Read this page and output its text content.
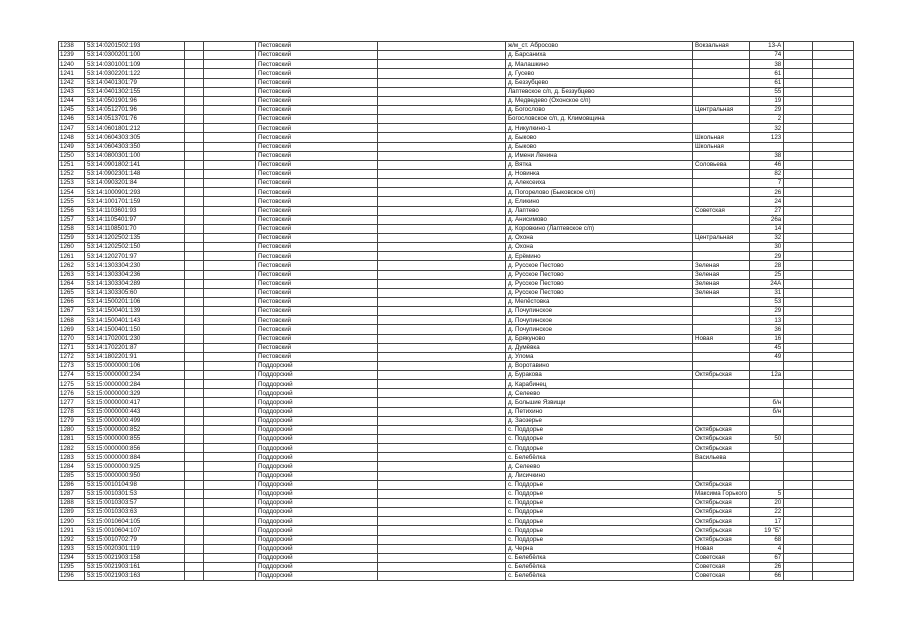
1238	53:14:0201502:193			Пестовский		ж/м_ст. Абросово	Вокзальная	13-А		
1239	53:14:0300201:100			Пестовский		д. Барсаниха		74		
1240	53:14:0301001:109			Пестовский		д. Малашкино		38		
1241	53:14:0302201:122			Пестовский		д. Гусево		61		
1242	53:14:0401301:79			Пестовский		д. Беззубцево		61		
1243	53:14:0401302:155			Пестовский		Лаптевское с/п, д. Беззубцево		55		
1244	53:14:0501901:96			Пестовский		д. Медведево (Охонское с/п)		19		
1245	53:14:0512701:96			Пестовский		д. Богослово	Центральная	29		
1246	53:14:0513701:76			Пестовский		Богословское с/п, д. Климовщина		2		
1247	53:14:0601801:212			Пестовский		д. Никулкино-1		32		
1248	53:14:0604303:305			Пестовский		д. Быково	Школьная	123		
1249	53:14:0604303:350			Пестовский		д. Быково	Школьная			
1250	53:14:0800301:100			Пестовский		д. Имени Ленина		38		
1251	53:14:0901802:141			Пестовский		д. Вятка	Соловьева	46		
1252	53:14:0902301:148			Пестовский		д. Новинка		82		
1253	53:14:0903201:84			Пестовский		д. Алексеиха		7		
1254	53:14:1000901:293			Пестовский		д. Погорелово (Быковское с/п)		26		
1255	53:14:1001701:159			Пестовский		д. Еликино		24		
1256	53:14:1103601:93			Пестовский		д. Лаптево	Советская	27		
1257	53:14:1105401:97			Пестовский		д. Анисимово		26а		
1258	53:14:1108501:70			Пестовский		д. Коровкино (Лаптевское с/п)		14		
1259	53:14:1202502:135			Пестовский		д. Охона	Центральная	32		
1260	53:14:1202502:150			Пестовский		д. Охона		30		
1261	53:14:1202701:97			Пестовский		д. Ерёмино		29		
1262	53:14:1303304:230			Пестовский		д. Русское Пестово	Зеленая	28		
1263	53:14:1303304:236			Пестовский		д. Русское Пестово	Зеленая	25		
1264	53:14:1303304:289			Пестовский		д. Русское Пестово	Зеленая	24А		
1265	53:14:1303305:60			Пестовский		д. Русское Пестово	Зеленая	31		
1266	53:14:1500201:106			Пестовский		д. Мелёстовка		53		
1267	53:14:1500401:139			Пестовский		д. Почупинское		29		
1268	53:14:1500401:143			Пестовский		д. Почупинское		13		
1269	53:14:1500401:150			Пестовский		д. Почупинское		36		
1270	53:14:1702001:230			Пестовский		д. Брякуново	Новая	16		
1271	53:14:1702201:87			Пестовский		д. Думёвка		45		
1272	53:14:1802201:91			Пестовский		д. Улома		49		
1273	53:15:0000000:106			Поддорский		д. Воротавино				
1274	53:15:0000000:234			Поддорский		д. Буракова	Октябрьская	12а		
1275	53:15:0000000:284			Поддорский		д. Карабинец				
1276	53:15:0000000:329			Поддорский		д. Селеево				
1277	53:15:0000000:417			Поддорский		д. Большие Язвищи		б/н		
1278	53:15:0000000:443			Поддорский		д. Петихино		б/н		
1279	53:15:0000000:499			Поддорский		д. Заозерье				
1280	53:15:0000000:852			Поддорский		с. Поддорье	Октябрьская			
1281	53:15:0000000:855			Поддорский		с. Поддорье	Октябрьская	50		
1282	53:15:0000000:856			Поддорский		с. Поддорье	Октябрьская			
1283	53:15:0000000:884			Поддорский		с. Белебёлка	Васильева			
1284	53:15:0000000:925			Поддорский		д. Селеево				
1285	53:15:0000000:950			Поддорский		д. Лисичкино				
1286	53:15:0010104:98			Поддорский		с. Поддорье	Октябрьская			
1287	53:15:0010301:53			Поддорский		с. Поддорье	Максима Горького	5		
1288	53:15:0010303:57			Поддорский		с. Поддорье	Октябрьская	20		
1289	53:15:0010303:63			Поддорский		с. Поддорье	Октябрьская	22		
1290	53:15:0010604:105			Поддорский		с. Поддорье	Октябрьская	17		
1291	53:15:0010604:107			Поддорский		с. Поддорье	Октябрьская	19 "Б"		
1292	53:15:0010702:79			Поддорский		с. Поддорье	Октябрьская	68		
1293	53:15:0020301:119			Поддорский		д. Черна	Новая	4		
1294	53:15:0021903:158			Поддорский		с. Белебёлка	Советская	67		
1295	53:15:0021903:161			Поддорский		с. Белебёлка	Советская	26		
1296	53:15:0021903:163			Поддорский		с. Белебёлка	Советская	66		
